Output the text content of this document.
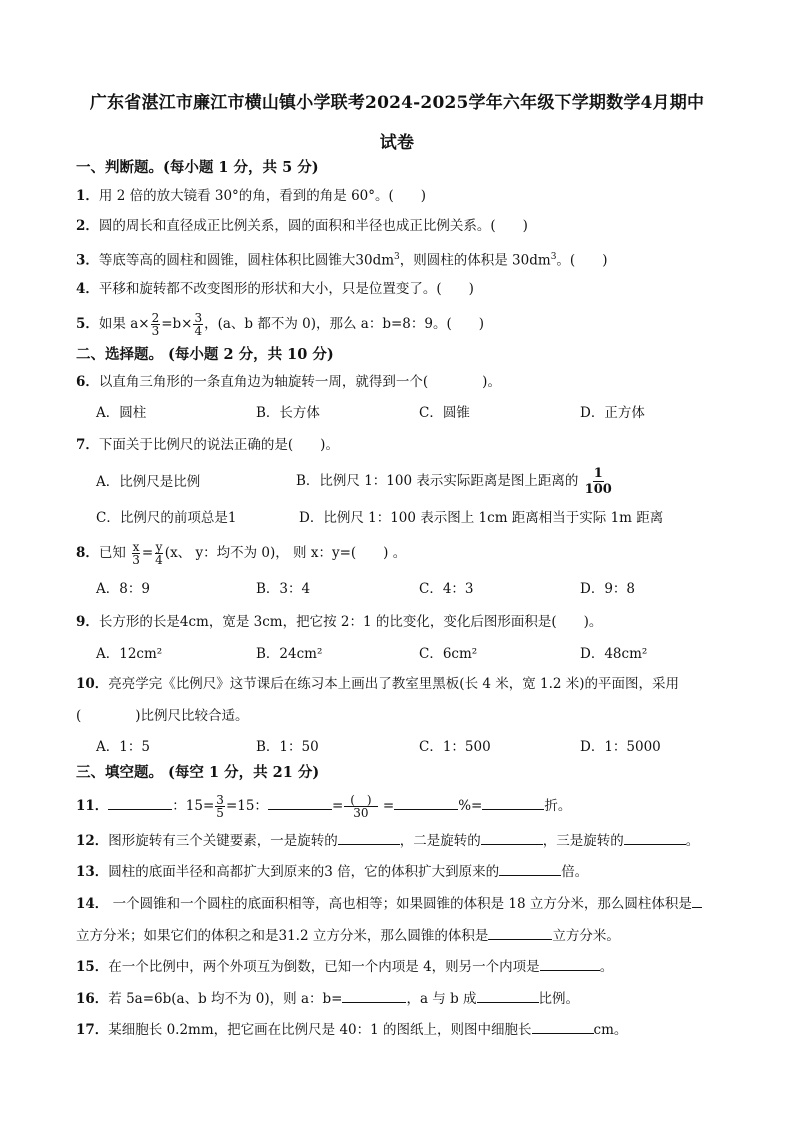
广东省湛江市廉江市横山镇小学联考2024-2025学年六年级下学期数学4月期中
试卷
一、判断题。(每小题 1 分，共 5 分)
1．用 2 倍的放大镜看 30°的角，看到的角是 60°。(　　)
2．圆的周长和直径成正比例关系，圆的面积和半径也成正比例关系。(　　)
3．等底等高的圆柱和圆锥，圆柱体积比圆锥大$30dm^3$，则圆柱的体积是 $30dm^3$。(　　)
4．平移和旋转都不改变图形的形状和大小，只是位置变了。(　　)
5．如果 $a\times \frac{2}{3} =b\times \frac{3}{4}$ ，(a、b 都不为 0)，那么 a：b=8：9。(　　)
二、选择题。 (每小题 2 分，共 10 分)
6．以直角三角形的一条直角边为轴旋转一周，就得到一个(　　　　)。
A．圆柱	B．长方体	C．圆锥	D．正方体
7．下面关于比例尺的说法正确的是(　　)。
A．比例尺是比例	B．比例尺 1：100 表示实际距离是图上距离的 $\frac{1}{100}$
C．比例尺的前项总是1	D．比例尺 1：100 表示图上 1cm 距离相当于实际 1m 距离
8．已知 $\frac{x}{3} = \frac{y}{4} (x$、 y：均不为 0)， 则 x：y=(　　) 。
A．8：9	B．3：4	C．4：3	D．9：8
9．长方形的长是4cm，宽是 3cm，把它按 2：1 的比变化，变化后图形面积是(　　)。
A．12cm²	B．24cm²	C．6cm²	D．48cm²
10．亮亮学完《比例尺》这节课后在练习本上画出了教室里黑板(长 4 米，宽 1.2 米)的平面图，采用
(　　　　)比例尺比较合适。
A．1：5	B．1：50	C．1：500	D．1：5000
三、填空题。 (每空 1 分，共 21 分)
11．	：$15= \frac{3}{5} =15$：	= $\frac{( )}{30}$ =	%=	折。
12．图形旋转有三个关键要素，一是旋转的	，二是旋转的	，三是旋转的	。
13．圆柱的底面半径和高都扩大到原来的3 倍，它的体积扩大到原来的	倍。
14． 一个圆锥和一个圆柱的底面积相等，高也相等；如果圆锥的体积是 18 立方分米，那么圆柱体积是
立方分米；如果它们的体积之和是31.2 立方分米，那么圆锥的体积是	立方分米。
15．在一个比例中，两个外项互为倒数，已知一个内项是 4，则另一个内项是	。
16．若 5a=6b(a、b 均不为 0)，则 a：b=	，a 与 b 成	比例。
17．某细胞长 0.2mm，把它画在比例尺是 40：1 的图纸上，则图中细胞长	cm。
